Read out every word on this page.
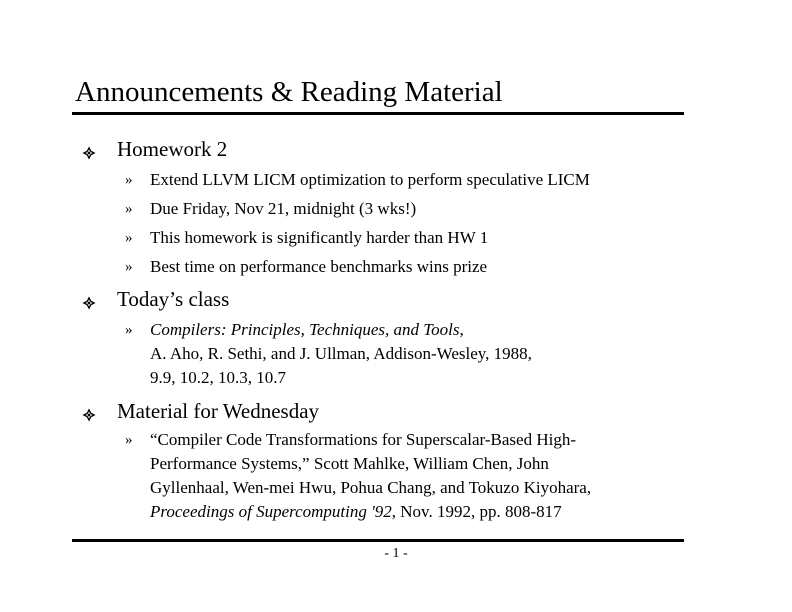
Announcements & Reading Material
Homework 2
» Extend LLVM LICM optimization to perform speculative LICM
» Due Friday, Nov 21, midnight (3 wks!)
» This homework is significantly harder than HW 1
» Best time on performance benchmarks wins prize
Today’s class
» Compilers: Principles, Techniques, and Tools,
A. Aho, R. Sethi, and J. Ullman, Addison-Wesley, 1988,
9.9, 10.2, 10.3, 10.7
Material for Wednesday
» “Compiler Code Transformations for Superscalar-Based High-
Performance Systems,” Scott Mahlke, William Chen, John
Gyllenhaal, Wen-mei Hwu, Pohua Chang, and Tokuzo Kiyohara,
Proceedings of Supercomputing '92, Nov. 1992, pp. 808-817
- 1 -
